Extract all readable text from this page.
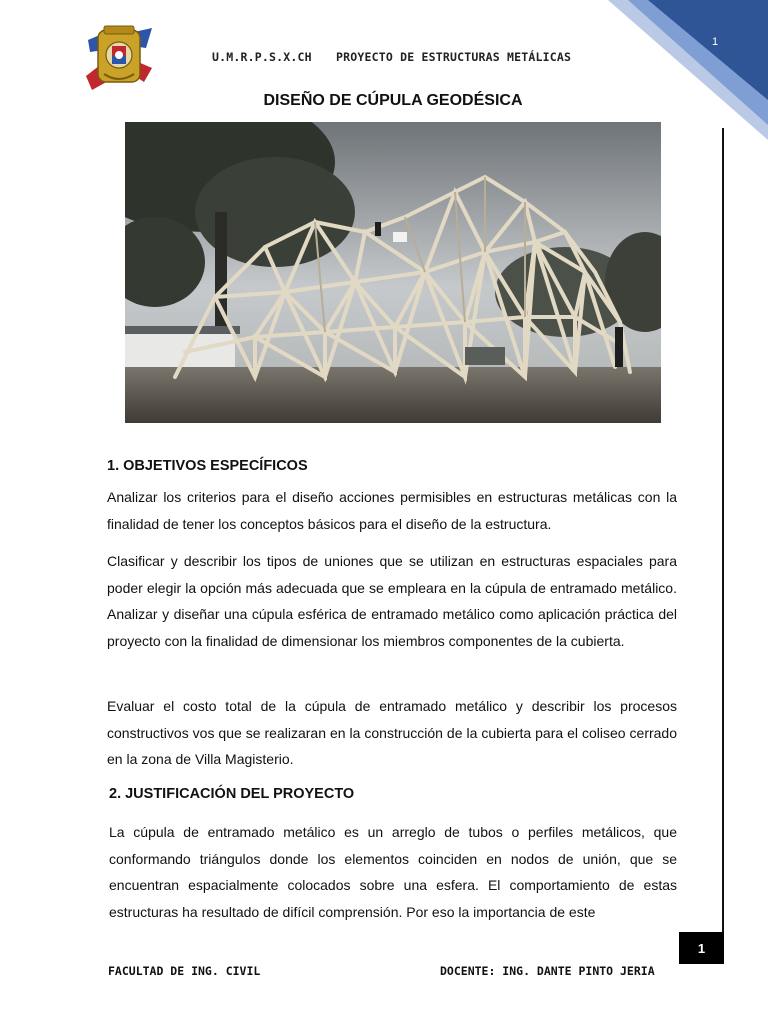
1
U.M.R.P.S.X.CH PROYECTO DE ESTRUCTURAS METÁLICAS
DISEÑO DE CÚPULA GEODÉSICA
1. OBJETIVOS ESPECÍFICOS
Analizar los criterios para el diseño acciones permisibles en estructuras metálicas con la finalidad de tener los conceptos básicos para el diseño de la estructura.
Clasificar y describir los tipos de uniones que se utilizan en estructuras espaciales para poder elegir la opción más adecuada que se empleara en la cúpula de entramado metálico. Analizar y diseñar una cúpula esférica de entramado metálico como aplicación práctica del proyecto con la finalidad de dimensionar los miembros componentes de la cubierta.
Evaluar el costo total de la cúpula de entramado metálico y describir los procesos constructivos vos que se realizaran en la construcción de la cubierta para el coliseo cerrado en la zona de Villa Magisterio.
2. JUSTIFICACIÓN DEL PROYECTO
La cúpula de entramado metálico es un arreglo de tubos o perfiles metálicos, que conformando triángulos donde los elementos coinciden en nodos de unión, que se encuentran espacialmente colocados sobre una esfera. El comportamiento de estas estructuras ha resultado de difícil comprensión. Por eso la importancia de este
1
FACULTAD DE ING. CIVIL	DOCENTE: ING. DANTE PINTO JERIA
